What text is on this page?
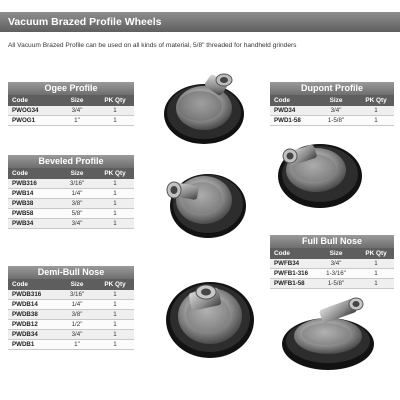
Vacuum Brazed Profile Wheels
All Vacuum Brazed Profile can be used on all kinds of material, 5/8" threaded for handheld grinders
Ogee Profile
Code	Size	PK Qty
PWOG34	3/4"	1
PWOG1	1"	1
Beveled Profile
Code	Size	PK Qty
PWB316	3/16"	1
PWB14	1/4"	1
PWB38	3/8"	1
PWB58	5/8"	1
PWB34	3/4"	1
Demi-Bull Nose
Code	Size	PK Qty
PWDB316	3/16"	1
PWDB14	1/4"	1
PWDB38	3/8"	1
PWDB12	1/2"	1
PWDB34	3/4"	1
PWDB1	1"	1
Dupont Profile
Code	Size	PK Qty
PWD34	3/4"	1
PWD1-58	1-5/8"	1
Full Bull Nose
Code	Size	PK Qty
PWFB34	3/4"	1
PWFB1-316	1-3/16"	1
PWFB1-58	1-5/8"	1
